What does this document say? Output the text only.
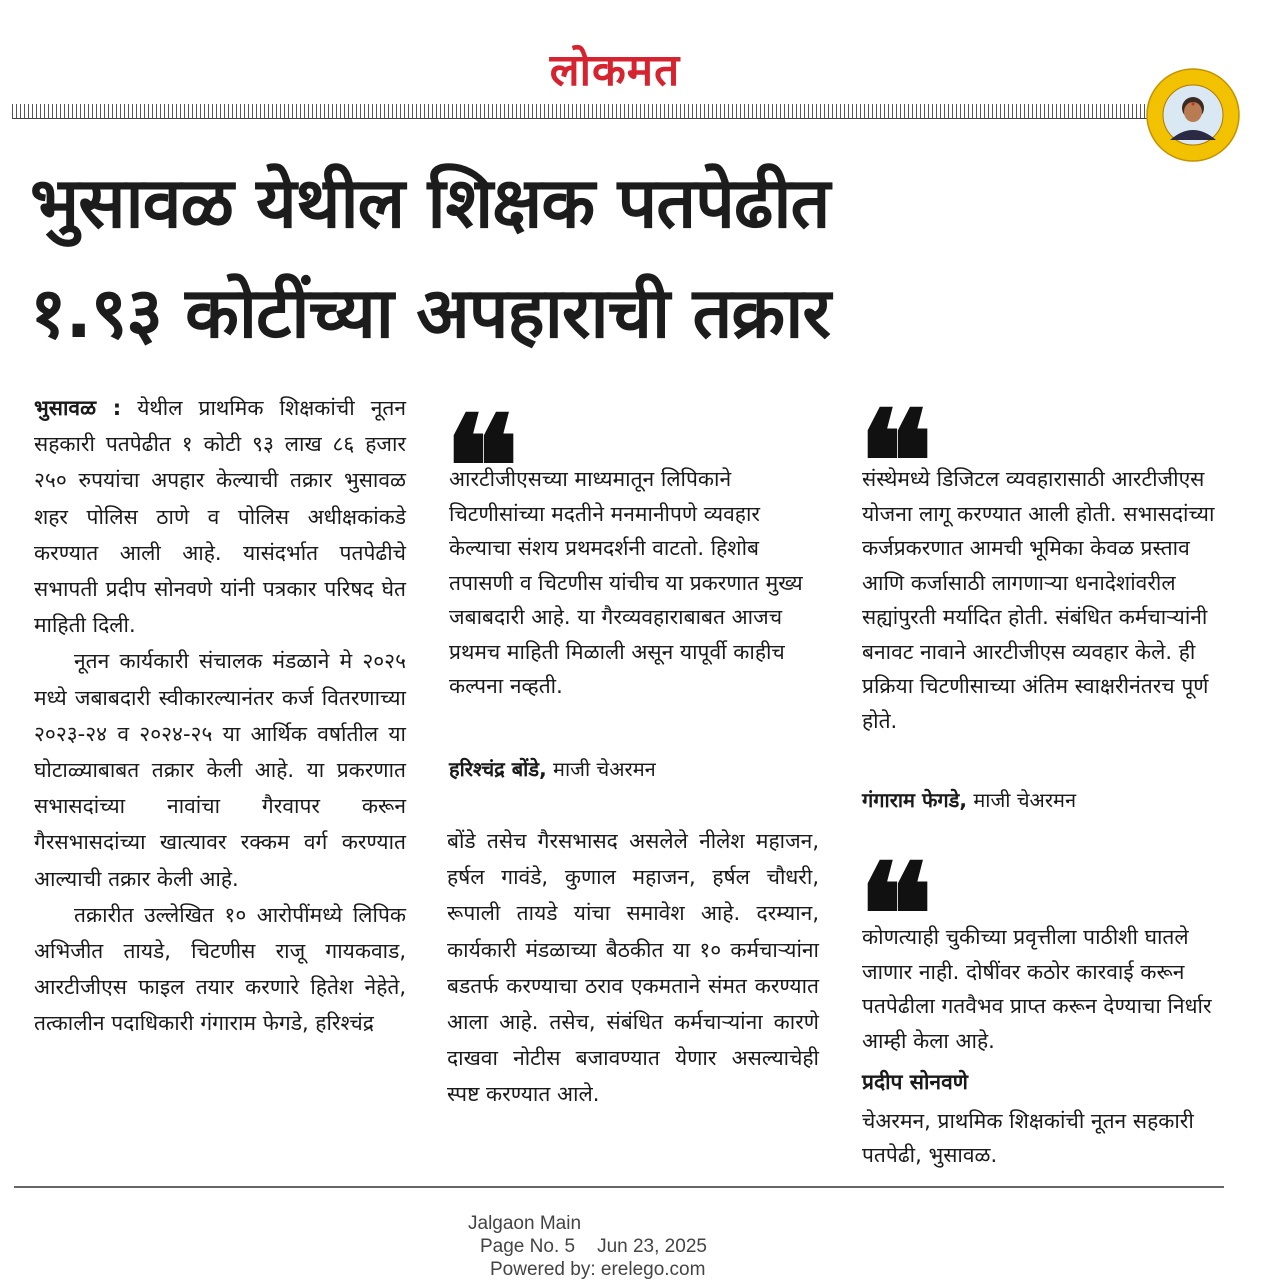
लोकमत
भुसावळ येथील शिक्षक पतपेढीत
१.९३ कोटींच्या अपहाराची तक्रार

भुसावळ : येथील प्राथमिक शिक्षकांची नूतन सहकारी पतपेढीत १ कोटी ९३ लाख ८६ हजार २५० रुपयांचा अपहार केल्याची तक्रार भुसावळ शहर पोलिस ठाणे व पोलिस अधीक्षकांकडे करण्यात आली आहे. यासंदर्भात पतपेढीचे सभापती प्रदीप सोनवणे यांनी पत्रकार परिषद घेत माहिती दिली.

नूतन कार्यकारी संचालक मंडळाने मे २०२५ मध्ये जबाबदारी स्वीकारल्यानंतर कर्ज वितरणाच्या २०२३-२४ व २०२४-२५ या आर्थिक वर्षातील या घोटाळ्याबाबत तक्रार केली आहे. या प्रकरणात सभासदांच्या नावांचा गैरवापर करून गैरसभासदांच्या खात्यावर रक्कम वर्ग करण्यात आल्याची तक्रार केली आहे.

तक्रारीत उल्लेखित १० आरोपींमध्ये लिपिक अभिजीत तायडे, चिटणीस राजू गायकवाड, आरटीजीएस फाइल तयार करणारे हितेश नेहेते, तत्कालीन पदाधिकारी गंगाराम फेगडे, हरिश्चंद्र

❝
आरटीजीएसच्या माध्यमातून लिपिकाने चिटणीसांच्या मदतीने मनमानीपणे व्यवहार केल्याचा संशय प्रथमदर्शनी वाटतो. हिशोब तपासणी व चिटणीस यांचीच या प्रकरणात मुख्य जबाबदारी आहे. या गैरव्यवहाराबाबत आजच प्रथमच माहिती मिळाली असून यापूर्वी काहीच कल्पना नव्हती.
हरिश्चंद्र बोंडे, माजी चेअरमन
बोंडे तसेच गैरसभासद असलेले नीलेश महाजन, हर्षल गावंडे, कुणाल महाजन, हर्षल चौधरी, रूपाली तायडे यांचा समावेश आहे. दरम्यान, कार्यकारी मंडळाच्या बैठकीत या १० कर्मचाऱ्यांना बडतर्फ करण्याचा ठराव एकमताने संमत करण्यात आला आहे. तसेच, संबंधित कर्मचाऱ्यांना कारणे दाखवा नोटीस बजावण्यात येणार असल्याचेही स्पष्ट करण्यात आले.
❝
संस्थेमध्ये डिजिटल व्यवहारासाठी आरटीजीएस योजना लागू करण्यात आली होती. सभासदांच्या कर्जप्रकरणात आमची भूमिका केवळ प्रस्ताव आणि कर्जासाठी लागणाऱ्या धनादेशांवरील सह्यांपुरती मर्यादित होती. संबंधित कर्मचाऱ्यांनी बनावट नावाने आरटीजीएस व्यवहार केले. ही प्रक्रिया चिटणीसाच्या अंतिम स्वाक्षरीनंतरच पूर्ण होते.
गंगाराम फेगडे, माजी चेअरमन
❝
कोणत्याही चुकीच्या प्रवृत्तीला पाठीशी घातले जाणार नाही. दोषींवर कठोर कारवाई करून पतपेढीला गतवैभव प्राप्त करून देण्याचा निर्धार आम्ही केला आहे.
प्रदीप सोनवणे
चेअरमन, प्राथमिक शिक्षकांची नूतन सहकारी पतपेढी, भुसावळ.
Jalgaon Main
Page No. 5 Jun 23, 2025
Powered by: erelego.com
